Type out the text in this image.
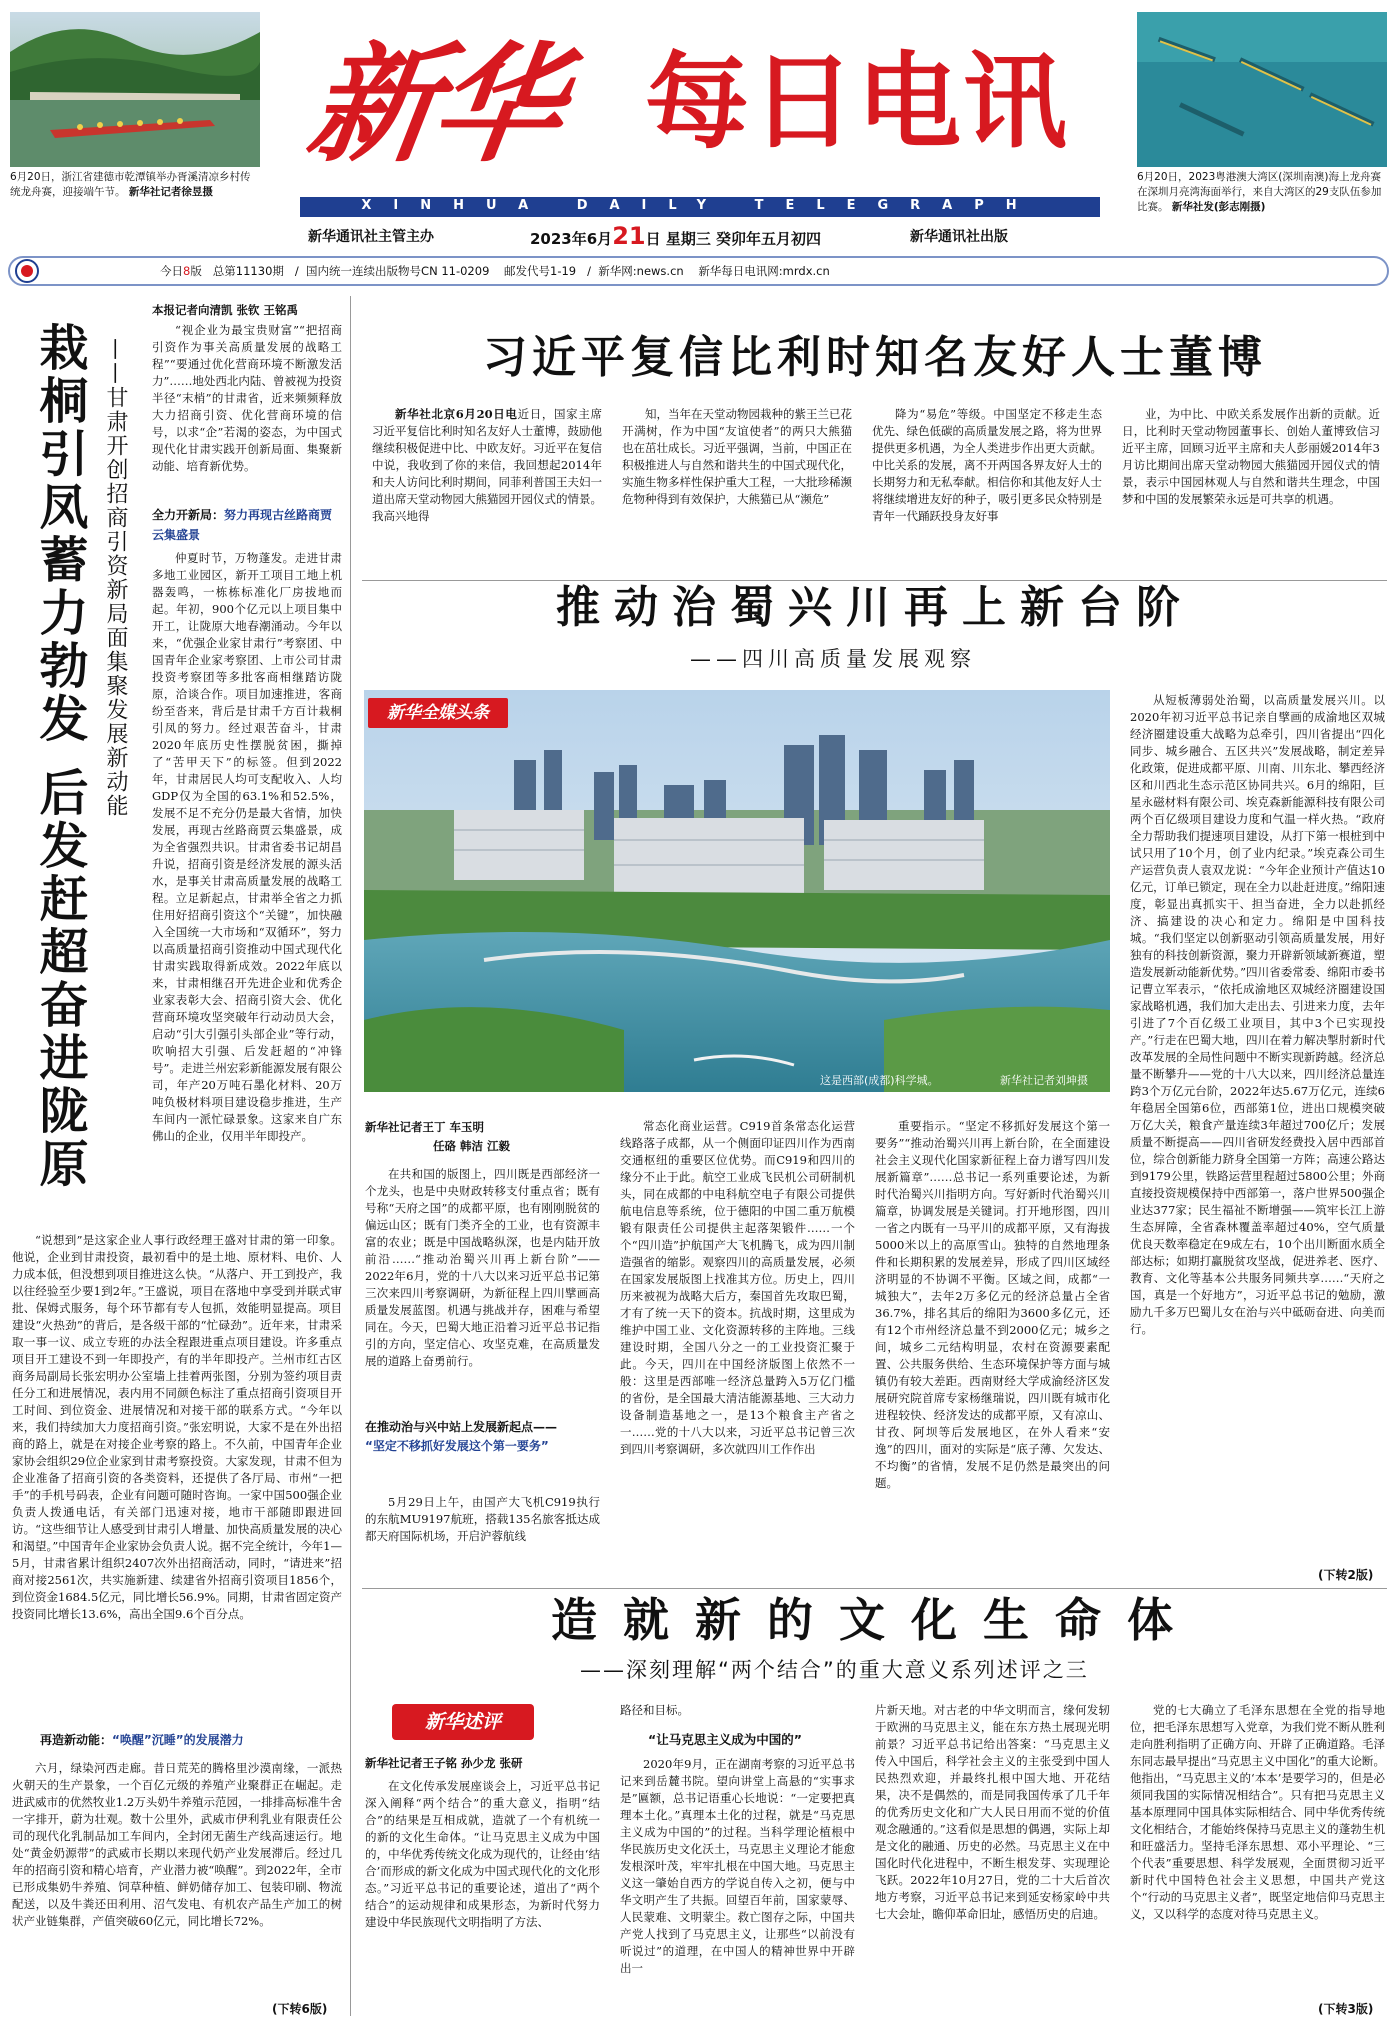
6月20日，浙江省建德市乾潭镇举办胥溪清凉乡村传统龙舟赛，迎接端午节。 新华社记者徐昱摄
6月20日，2023粤港澳大湾区(深圳南澳)海上龙舟赛在深圳月亮湾海面举行，来自大湾区的29支队伍参加比赛。 新华社发(彭志刚摄)
新华 每日电讯
XINHUA DAILY TELEGRAPH
新华通讯社主管主办	2023年6月21日 星期三 癸卯年五月初四	新华通讯社出版
今日8版 总第11130期   /  国内统一连续出版物号CN 11-0209 邮发代号1-19   /  新华网:news.cn 新华每日电讯网:mrdx.cn
本报记者向清凯 张钦 王铭禹
栽桐引凤蓄力勃发 后发赶超奋进陇原 ——甘肃开创招商引资新局面集聚发展新动能

“视企业为最宝贵财富”“把招商引资作为事关高质量发展的战略工程”“要通过优化营商环境不断激发活力”……地处西北内陆、曾被视为投资半径“末梢”的甘肃省，近来频频释放大力招商引资、优化营商环境的信号，以求“企”若渴的姿态，为中国式现代化甘肃实践开创新局面、集聚新动能、培育新优势。

全力开新局：努力再现古丝路商贾云集盛景

仲夏时节，万物蓬发。走进甘肃多地工业园区，新开工项目工地上机器轰鸣，一栋栋标准化厂房拔地而起。年初，900个亿元以上项目集中开工，让陇原大地春潮涌动。今年以来，“优强企业家甘肃行”考察团、中国青年企业家考察团、上市公司甘肃投资考察团等多批客商相继踏访陇原，洽谈合作。项目加速推进，客商纷至沓来，背后是甘肃千方百计栽桐引凤的努力。经过艰苦奋斗，甘肃2020年底历史性摆脱贫困，撕掉了“苦甲天下”的标签。但到2022年，甘肃居民人均可支配收入、人均GDP仅为全国的63.1%和52.5%，发展不足不充分仍是最大省情，加快发展，再现古丝路商贾云集盛景，成为全省强烈共识。甘肃省委书记胡昌升说，招商引资是经济发展的源头活水，是事关甘肃高质量发展的战略工程。立足新起点，甘肃举全省之力抓住用好招商引资这个“关键”，加快融入全国统一大市场和“双循环”，努力以高质量招商引资推动中国式现代化甘肃实践取得新成效。2022年底以来，甘肃相继召开先进企业和优秀企业家表彰大会、招商引资大会、优化营商环境攻坚突破年行动动员大会，启动“引大引强引头部企业”等行动，吹响招大引强、后发赶超的“冲锋号”。走进兰州宏彩新能源发展有限公司，年产20万吨石墨化材料、20万吨负极材料项目建设稳步推进，生产车间内一派忙碌景象。这家来自广东佛山的企业，仅用半年即投产。

“说想到”是这家企业人事行政经理王盛对甘肃的第一印象。他说，企业到甘肃投资，最初看中的是土地、原材料、电价、人力成本低，但没想到项目推进这么快。“从落户、开工到投产，我以往经验至少要1到2年。”王盛说，项目在落地中享受到并联式审批、保姆式服务，每个环节都有专人包抓，效能明显提高。项目建设“火热劲”的背后，是各级干部的“忙碌劲”。近年来，甘肃采取一事一议、成立专班的办法全程跟进重点项目建设。许多重点项目开工建设不到一年即投产，有的半年即投产。兰州市红古区商务局副局长张宏明办公室墙上挂着两张图，分别为签约项目责任分工和进展情况，表内用不同颜色标注了重点招商引资项目开工时间、到位资金、进展情况和对接干部的联系方式。“今年以来，我们持续加大力度招商引资。”张宏明说，大家不是在外出招商的路上，就是在对接企业考察的路上。不久前，中国青年企业家协会组织29位企业家到甘肃考察投资。大家发现，甘肃不但为企业准备了招商引资的各类资料，还提供了各厅局、市州“一把手”的手机号码表，企业有问题可随时咨询。一家中国500强企业负责人拨通电话，有关部门迅速对接，地市干部随即跟进回访。“这些细节让人感受到甘肃引人增量、加快高质量发展的决心和渴望。”中国青年企业家协会负责人说。据不完全统计，今年1—5月，甘肃省累计组织2407次外出招商活动，同时，“请进来”招商对接2561次，共实施新建、续建省外招商引资项目1856个，到位资金1684.5亿元，同比增长56.9%。同期，甘肃省固定资产投资同比增长13.6%，高出全国9.6个百分点。

再造新动能：“唤醒”沉睡”的发展潜力

六月，绿染河西走廊。昔日荒芜的腾格里沙漠南缘，一派热火朝天的生产景象，一个百亿元级的养殖产业聚群正在崛起。走进武威市的优然牧业1.2万头奶牛养殖示范园，一排排高标准牛舍一字排开，蔚为壮观。数十公里外，武威市伊利乳业有限责任公司的现代化乳制品加工车间内，全封闭无菌生产线高速运行。地处“黄金奶源带”的武威市长期以来现代奶产业发展滞后。经过几年的招商引资和精心培育，产业潜力被“唤醒”。到2022年，全市已形成集奶牛养殖、饲草种植、鲜奶储存加工、包装印刷、物流配送，以及牛粪还田利用、沼气发电、有机农产品生产加工的树状产业链集群，产值突破60亿元，同比增长72%。

(下转6版)
习近平复信比利时知名友好人士董博

新华社北京6月20日电近日，国家主席习近平复信比利时知名友好人士董博，鼓励他继续积极促进中比、中欧友好。习近平在复信中说，我收到了你的来信，我回想起2014年和夫人访问比利时期间，同菲利普国王夫妇一道出席天堂动物园大熊猫园开园仪式的情景。我高兴地得

知，当年在天堂动物园栽种的紫王兰已花开满树，作为中国“友谊使者”的两只大熊猫也在茁壮成长。习近平强调，当前，中国正在积极推进人与自然和谐共生的中国式现代化，实施生物多样性保护重大工程，一大批珍稀濒危物种得到有效保护，大熊猫已从“濒危”

降为“易危”等级。中国坚定不移走生态优先、绿色低碳的高质量发展之路，将为世界提供更多机遇，为全人类进步作出更大贡献。中比关系的发展，离不开两国各界友好人士的长期努力和无私奉献。相信你和其他友好人士将继续增进友好的种子，吸引更多民众特别是青年一代踊跃投身友好事

业，为中比、中欧关系发展作出新的贡献。近日，比利时天堂动物园董事长、创始人董博致信习近平主席，回顾习近平主席和夫人彭丽媛2014年3月访比期间出席天堂动物园大熊猫园开园仪式的情景，表示中国园林观人与自然和谐共生理念，中国梦和中国的发展繁荣永远是可共享的机遇。

推动治蜀兴川再上新台阶
——四川高质量发展观察
新华全媒头条
这是西部(成都)科学城。	新华社记者刘坤摄
新华社记者王丁 车玉明
任硌 韩洁 江毅

在共和国的版图上，四川既是西部经济一个龙头，也是中央财政转移支付重点省；既有号称“天府之国”的成都平原，也有刚刚脱贫的偏远山区；既有门类齐全的工业，也有资源丰富的农业；既是中国战略纵深，也是内陆开放前沿……“推动治蜀兴川再上新台阶”——2022年6月，党的十八大以来习近平总书记第三次来四川考察调研，为新征程上四川擘画高质量发展蓝图。机遇与挑战并存，困难与希望同在。今天，巴蜀大地正沿着习近平总书记指引的方向，坚定信心、攻坚克难，在高质量发展的道路上奋勇前行。

在推动治与兴中站上发展新起点——
“坚定不移抓好发展这个第一要务”

5月29日上午，由国产大飞机C919执行的东航MU9197航班，搭载135名旅客抵达成都天府国际机场，开启沪蓉航线

常态化商业运营。C919首条常态化运营线路落子成都，从一个侧面印证四川作为西南交通枢纽的重要区位优势。而C919和四川的缘分不止于此。航空工业成飞民机公司研制机头，同在成都的中电科航空电子有限公司提供航电信息等系统，位于德阳的中国二重万航模锻有限责任公司提供主起落架锻件……一个个“四川造”护航国产大飞机腾飞，成为四川制造强省的缩影。观察四川的高质量发展，必须在国家发展版图上找准其方位。历史上，四川历来被视为战略大后方，秦国首先攻取巴蜀，才有了统一天下的资本。抗战时期，这里成为维护中国工业、文化资源转移的主阵地。三线建设时期，全国八分之一的工业投资汇聚于此。今天，四川在中国经济版图上依然不一般：这里是西部唯一经济总量跨入5万亿门槛的省份，是全国最大清洁能源基地、三大动力设备制造基地之一，是13个粮食主产省之一……党的十八大以来，习近平总书记曾三次到四川考察调研，多次就四川工作作出

重要指示。“坚定不移抓好发展这个第一要务”“推动治蜀兴川再上新台阶，在全面建设社会主义现代化国家新征程上奋力谱写四川发展新篇章”……总书记一系列重要论述，为新时代治蜀兴川指明方向。写好新时代治蜀兴川篇章，协调发展是关键词。打开地形图，四川一省之内既有一马平川的成都平原，又有海拔5000米以上的高原雪山。独特的自然地理条件和长期积累的发展差异，形成了四川区域经济明显的不协调不平衡。区域之间，成都“一城独大”，去年2万多亿元的经济总量占全省36.7%，排名其后的绵阳为3600多亿元，还有12个市州经济总量不到2000亿元；城乡之间，城乡二元结构明显，农村在资源要素配置、公共服务供给、生态环境保护等方面与城镇仍有较大差距。西南财经大学成渝经济区发展研究院首席专家杨继瑞说，四川既有城市化进程较快、经济发达的成都平原，又有凉山、甘孜、阿坝等后发展地区，在外人看来“安逸”的四川，面对的实际是“底子薄、欠发达、不均衡”的省情，发展不足仍然是最突出的问题。

从短板薄弱处治蜀，以高质量发展兴川。以2020年初习近平总书记亲自擘画的成渝地区双城经济圈建设重大战略为总牵引，四川省提出“四化同步、城乡融合、五区共兴”发展战略，制定差异化政策，促进成都平原、川南、川东北、攀西经济区和川西北生态示范区协同共兴。6月的绵阳，巨星永磁材料有限公司、埃克森新能源科技有限公司两个百亿级项目建设力度和气温一样火热。“政府全力帮助我们提速项目建设，从打下第一根桩到中试只用了10个月，创了业内纪录。”埃克森公司生产运营负责人袁双龙说：“今年企业预计产值达10亿元，订单已锁定，现在全力以赴赶进度。”绵阳速度，彰显出真抓实干、担当奋进，全力以赴抓经济、搞建设的决心和定力。绵阳是中国科技城。“我们坚定以创新驱动引领高质量发展，用好独有的科技创新资源，聚力开辟新领域新赛道，塑造发展新动能新优势。”四川省委常委、绵阳市委书记曹立军表示，“依托成渝地区双城经济圈建设国家战略机遇，我们加大走出去、引进来力度，去年引进了7个百亿级工业项目，其中3个已实现投产。”行走在巴蜀大地，四川在着力解决掣肘新时代改革发展的全局性问题中不断实现新跨越。经济总量不断攀升——党的十八大以来，四川经济总量连跨3个万亿元台阶，2022年达5.67万亿元，连续6年稳居全国第6位，西部第1位，进出口规模突破万亿大关，粮食产量连续3年超过700亿斤；发展质量不断提高——四川省研发经费投入居中西部首位，综合创新能力跻身全国第一方阵；高速公路达到9179公里，铁路运营里程超过5800公里；外商直接投资规模保持中西部第一，落户世界500强企业达377家；民生福祉不断增强——筑牢长江上游生态屏障，全省森林覆盖率超过40%，空气质量优良天数率稳定在9成左右，10个出川断面水质全部达标；如期打赢脱贫攻坚战，促进养老、医疗、教育、文化等基本公共服务同频共享……“天府之国，真是一个好地方”，习近平总书记的勉励，激励九千多万巴蜀儿女在治与兴中砥砺奋进、向美而行。

(下转2版)
造就新的文化生命体
——深刻理解“两个结合”的重大意义系列述评之三
新华述评
新华社记者王子铭 孙少龙 张研

在文化传承发展座谈会上，习近平总书记深入阐释“两个结合”的重大意义，指明“结合”的结果是互相成就，造就了一个有机统一的新的文化生命体。“让马克思主义成为中国的，中华优秀传统文化成为现代的，让经由‘结合’而形成的新文化成为中国式现代化的文化形态。”习近平总书记的重要论述，道出了“两个结合”的运动规律和成果形态，为新时代努力建设中华民族现代文明指明了方法、

路径和目标。

“让马克思主义成为中国的”

2020年9月，正在湖南考察的习近平总书记来到岳麓书院。望向讲堂上高悬的“实事求是”匾额，总书记语重心长地说：“一定要把真理本土化。”真理本土化的过程，就是“马克思主义成为中国的”的过程。当科学理论植根中华民族历史文化沃土，马克思主义理论才能愈发根深叶茂，牢牢扎根在中国大地。马克思主义这一肇始自西方的学说自传入之初，便与中华文明产生了共振。回望百年前，国家蒙辱、人民蒙难、文明蒙尘。救亡图存之际，中国共产党人找到了马克思主义，让那些“以前没有听说过”的道理，在中国人的精神世界中开辟出一

片新天地。对古老的中华文明而言，缘何发轫于欧洲的马克思主义，能在东方热土展现光明前景？习近平总书记给出答案：“马克思主义传入中国后，科学社会主义的主张受到中国人民热烈欢迎，并最终扎根中国大地、开花结果，决不是偶然的，而是同我国传承了几千年的优秀历史文化和广大人民日用而不觉的价值观念融通的。”这看似是思想的偶遇，实际上却是文化的融通、历史的必然。马克思主义在中国化时代化进程中，不断生根发芽、实现理论飞跃。2022年10月27日，党的二十大后首次地方考察，习近平总书记来到延安杨家岭中共七大会址，瞻仰革命旧址，感悟历史的启迪。

党的七大确立了毛泽东思想在全党的指导地位，把毛泽东思想写入党章，为我们党不断从胜利走向胜利指明了正确方向、开辟了正确道路。毛泽东同志最早提出“马克思主义中国化”的重大论断。他指出，“马克思主义的‘本本’是要学习的，但是必须同我国的实际情况相结合”。只有把马克思主义基本原理同中国具体实际相结合、同中华优秀传统文化相结合，才能始终保持马克思主义的蓬勃生机和旺盛活力。坚持毛泽东思想、邓小平理论、“三个代表”重要思想、科学发展观，全面贯彻习近平新时代中国特色社会主义思想，中国共产党这个“行动的马克思主义者”，既坚定地信仰马克思主义，又以科学的态度对待马克思主义。

(下转3版)
